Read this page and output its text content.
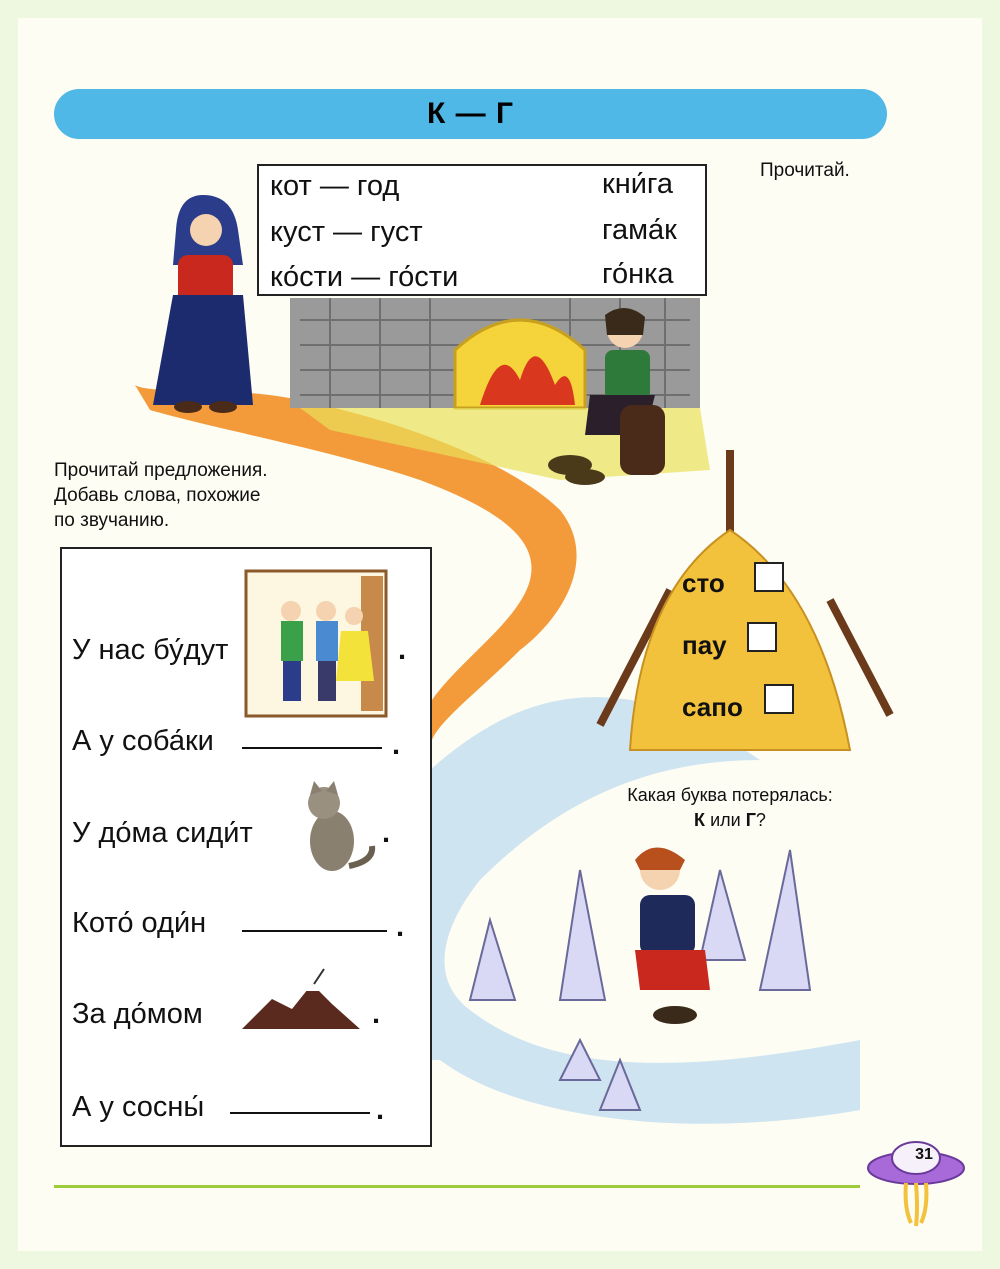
К — Г
кот — год
куст — густ
ко́сти — го́сти
кни́га
гама́к
го́нка
Прочитай.
Прочитай предложения.
Добавь слова, похожие
по звучанию.
У нас бу́дут	.
А у соба́ки	.
У до́ма сиди́т	.
Кото́ оди́н	.
За до́мом	.
А у сосны́	.
сто
пау
сапо
Какая буква потерялась:
К или Г?
31
